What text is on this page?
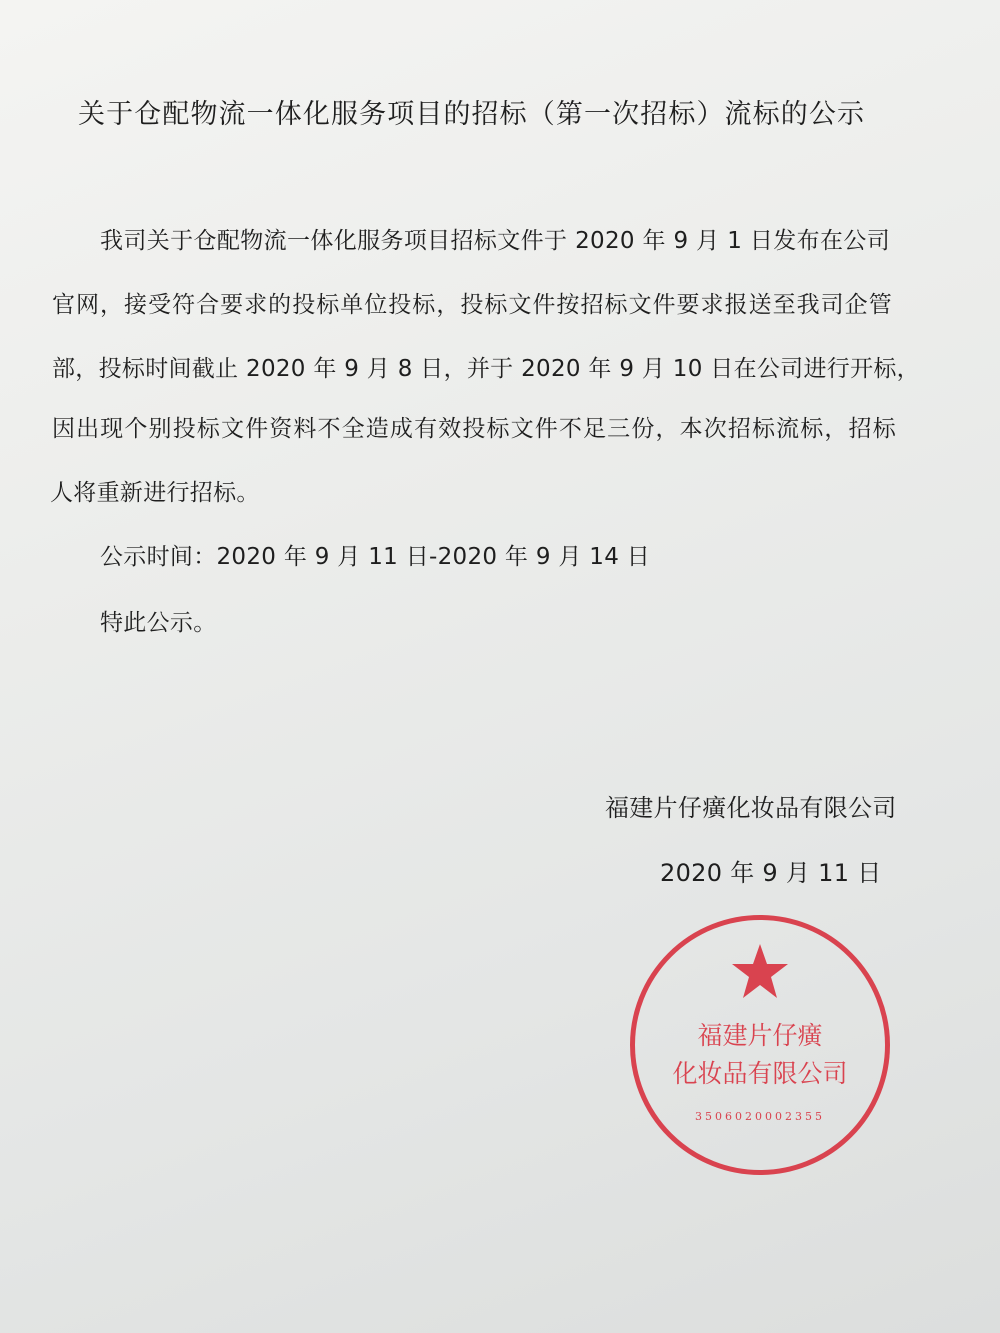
关于仓配物流一体化服务项目的招标（第一次招标）流标的公示
我司关于仓配物流一体化服务项目招标文件于 2020 年 9 月 1 日发布在公司
官网，接受符合要求的投标单位投标，投标文件按招标文件要求报送至我司企管
部，投标时间截止 2020 年 9 月 8 日，并于 2020 年 9 月 10 日在公司进行开标，
因出现个别投标文件资料不全造成有效投标文件不足三份，本次招标流标，招标
人将重新进行招标。
公示时间：2020 年 9 月 11 日-2020 年 9 月 14 日
特此公示。
福建片仔癀化妆品有限公司
2020 年 9 月 11 日
福建片仔癀
化妆品有限公司
3506020002355
